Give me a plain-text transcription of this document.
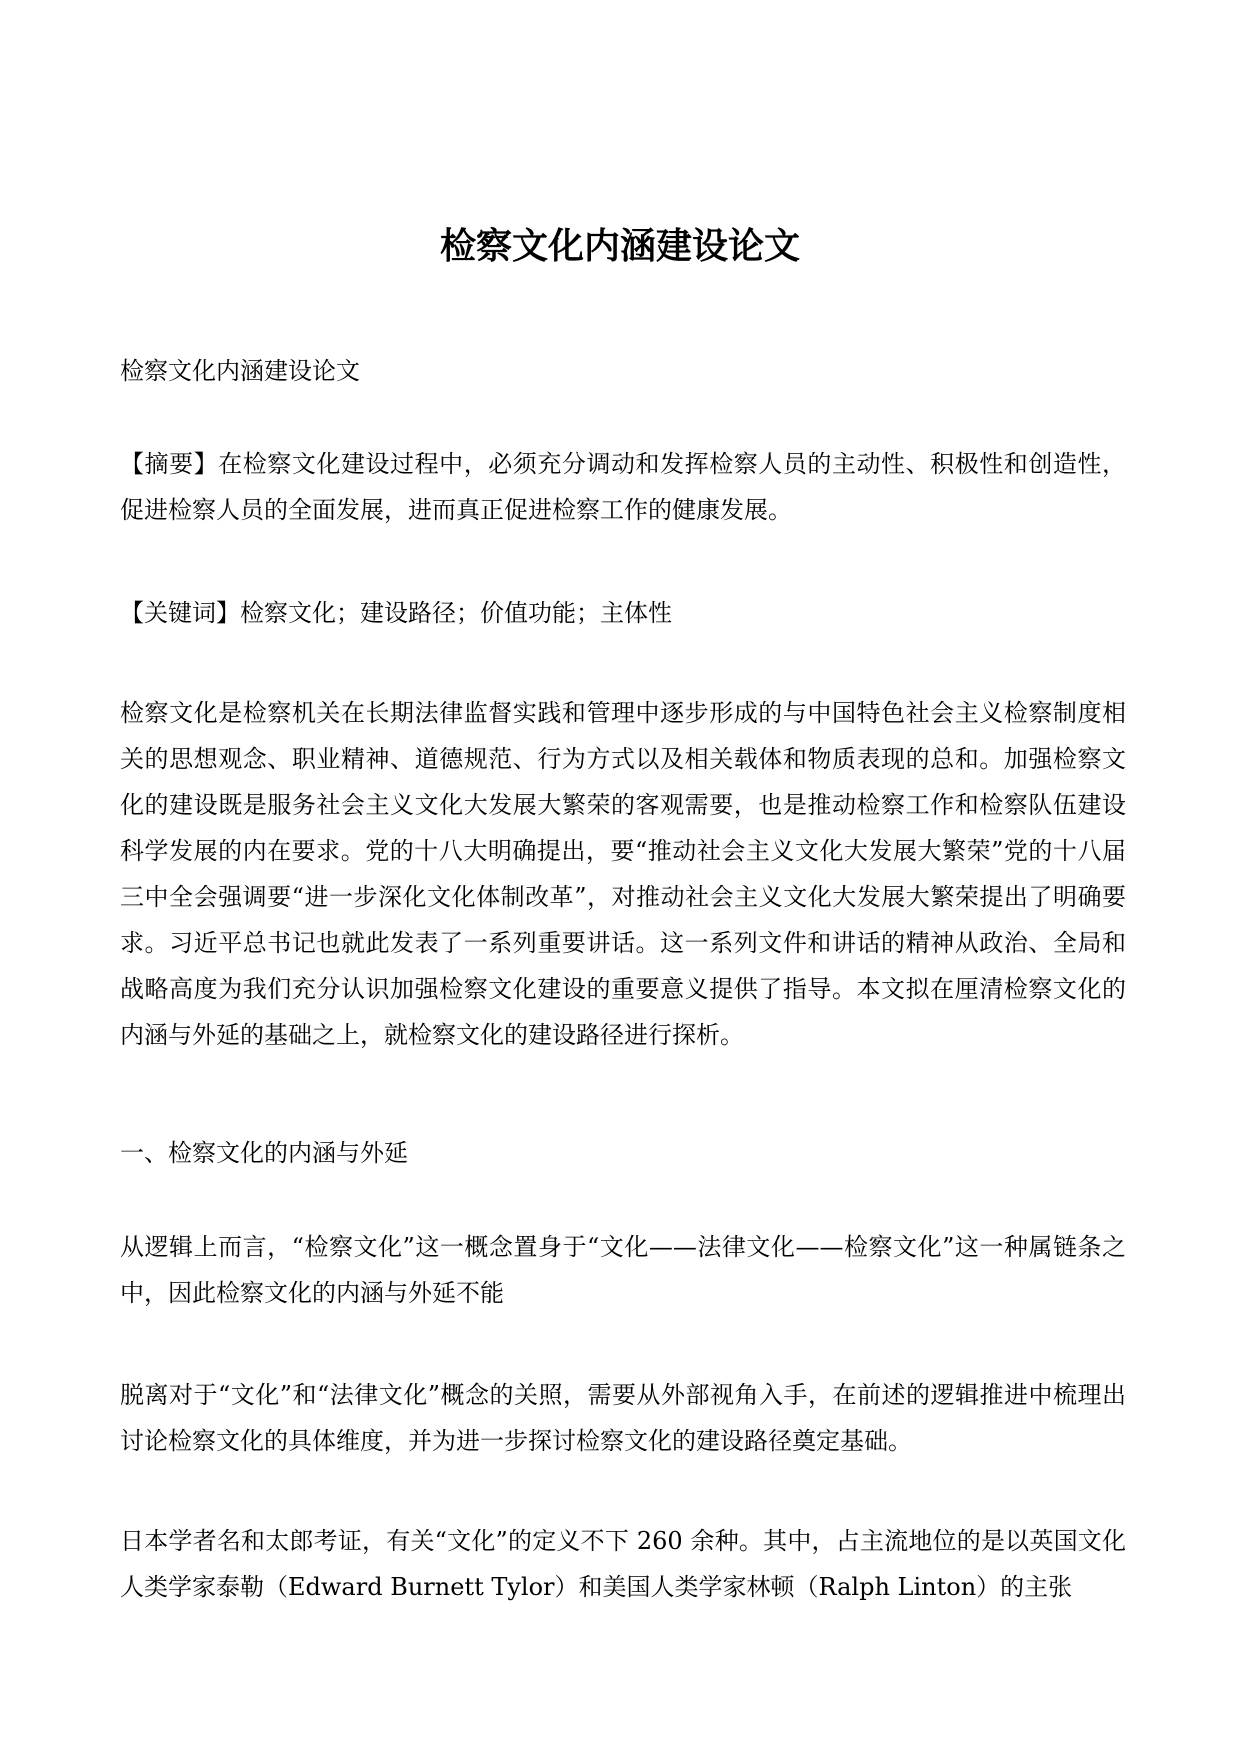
检察文化内涵建设论文

检察文化内涵建设论文

【摘要】在检察文化建设过程中，必须充分调动和发挥检察人员的主动性、积极性和创造性，促进检察人员的全面发展，进而真正促进检察工作的健康发展。

【关键词】检察文化；建设路径；价值功能；主体性

检察文化是检察机关在长期法律监督实践和管理中逐步形成的与中国特色社会主义检察制度相关的思想观念、职业精神、道德规范、行为方式以及相关载体和物质表现的总和。加强检察文化的建设既是服务社会主义文化大发展大繁荣的客观需要，也是推动检察工作和检察队伍建设科学发展的内在要求。党的十八大明确提出，要“推动社会主义文化大发展大繁荣”党的十八届三中全会强调要“进一步深化文化体制改革”，对推动社会主义文化大发展大繁荣提出了明确要求。习近平总书记也就此发表了一系列重要讲话。这一系列文件和讲话的精神从政治、全局和战略高度为我们充分认识加强检察文化建设的重要意义提供了指导。本文拟在厘清检察文化的内涵与外延的基础之上，就检察文化的建设路径进行探析。

一、检察文化的内涵与外延

从逻辑上而言，“检察文化”这一概念置身于“文化——法律文化——检察文化”这一种属链条之中，因此检察文化的内涵与外延不能

脱离对于“文化”和“法律文化”概念的关照，需要从外部视角入手，在前述的逻辑推进中梳理出讨论检察文化的具体维度，并为进一步探讨检察文化的建设路径奠定基础。

日本学者名和太郎考证，有关“文化”的定义不下 260 余种。其中，占主流地位的是以英国文化人类学家泰勒（Edward Burnett Tylor）和美国人类学家林顿（Ralph Linton）的主张
